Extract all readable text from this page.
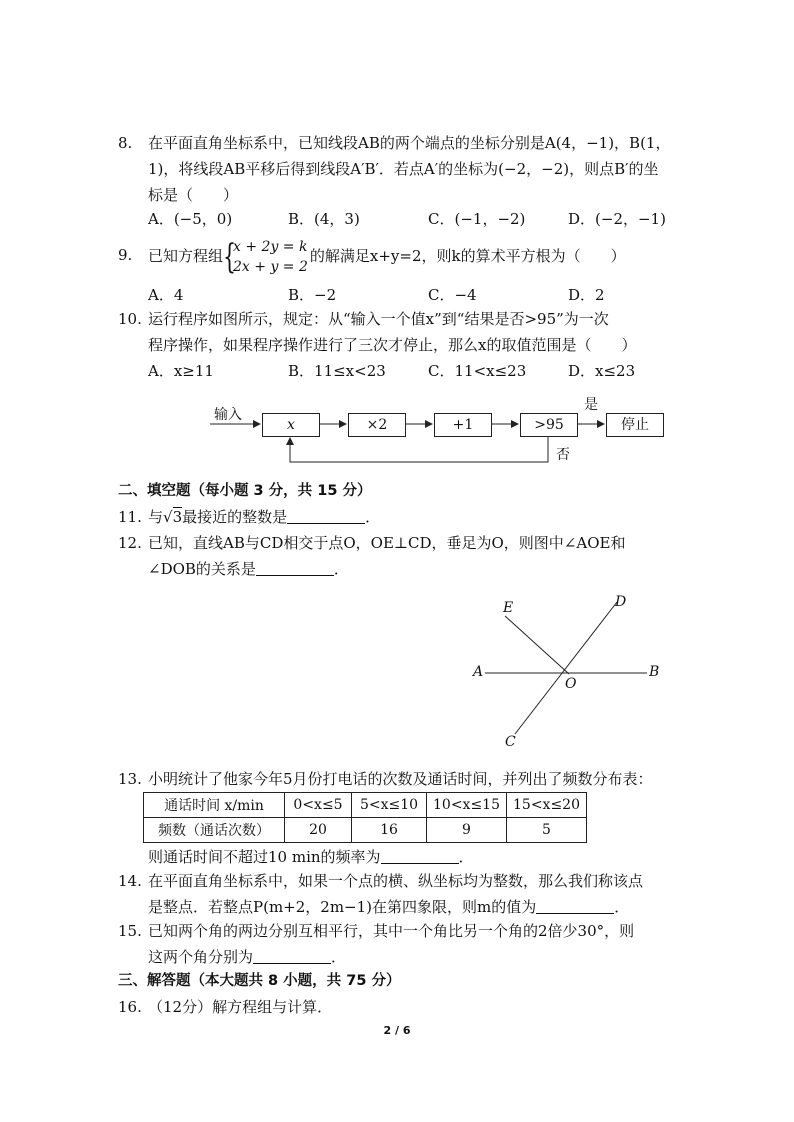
8.	在平面直角坐标系中，已知线段AB的两个端点的坐标分别是A(4，−1)，B(1，
1)，将线段AB平移后得到线段A′B′．若点A′的坐标为(−2，−2)，则点B′的坐
标是（　　）
A．(−5，0)	B．(4，3)	C．(−1，−2)	D．(−2，−1)
9.	已知方程组 {
x + 2y = k
2x + y = 2
的解满足x+y=2，则k的算术平方根为（　　）
A．4	B．−2	C．−4	D．2
10. 运行程序如图所示，规定：从“输入一个值x”到“结果是否>95”为一次
程序操作，如果程序操作进行了三次才停止，那么x的取值范围是（　　）
A．x≥11	B．11≤x<23	C．11<x≤23	D．x≤23
输入
x	×2	+1	>95	停止
是
否
二、填空题（每小题 3 分，共 15 分）
11. 与√3最接近的整数是	．
12. 已知，直线AB与CD相交于点O，OE⊥CD，垂足为O，则图中∠AOE和
∠DOB的关系是	．
E	D
A
O
B
C
13. 小明统计了他家今年5月份打电话的次数及通话时间，并列出了频数分布表：
通话时间 x/min	0<x≤5	5<x≤10	10<x≤15	15<x≤20
频数（通话次数）	20	16	9	5
则通话时间不超过10 min的频率为	．
14. 在平面直角坐标系中，如果一个点的横、纵坐标均为整数，那么我们称该点
是整点．若整点P(m+2，2m−1)在第四象限，则m的值为	．
15. 已知两个角的两边分别互相平行，其中一个角比另一个角的2倍少30°，则
这两个角分别为	．
三、解答题（本大题共 8 小题，共 75 分）
16. （12分）解方程组与计算．
2 / 6
